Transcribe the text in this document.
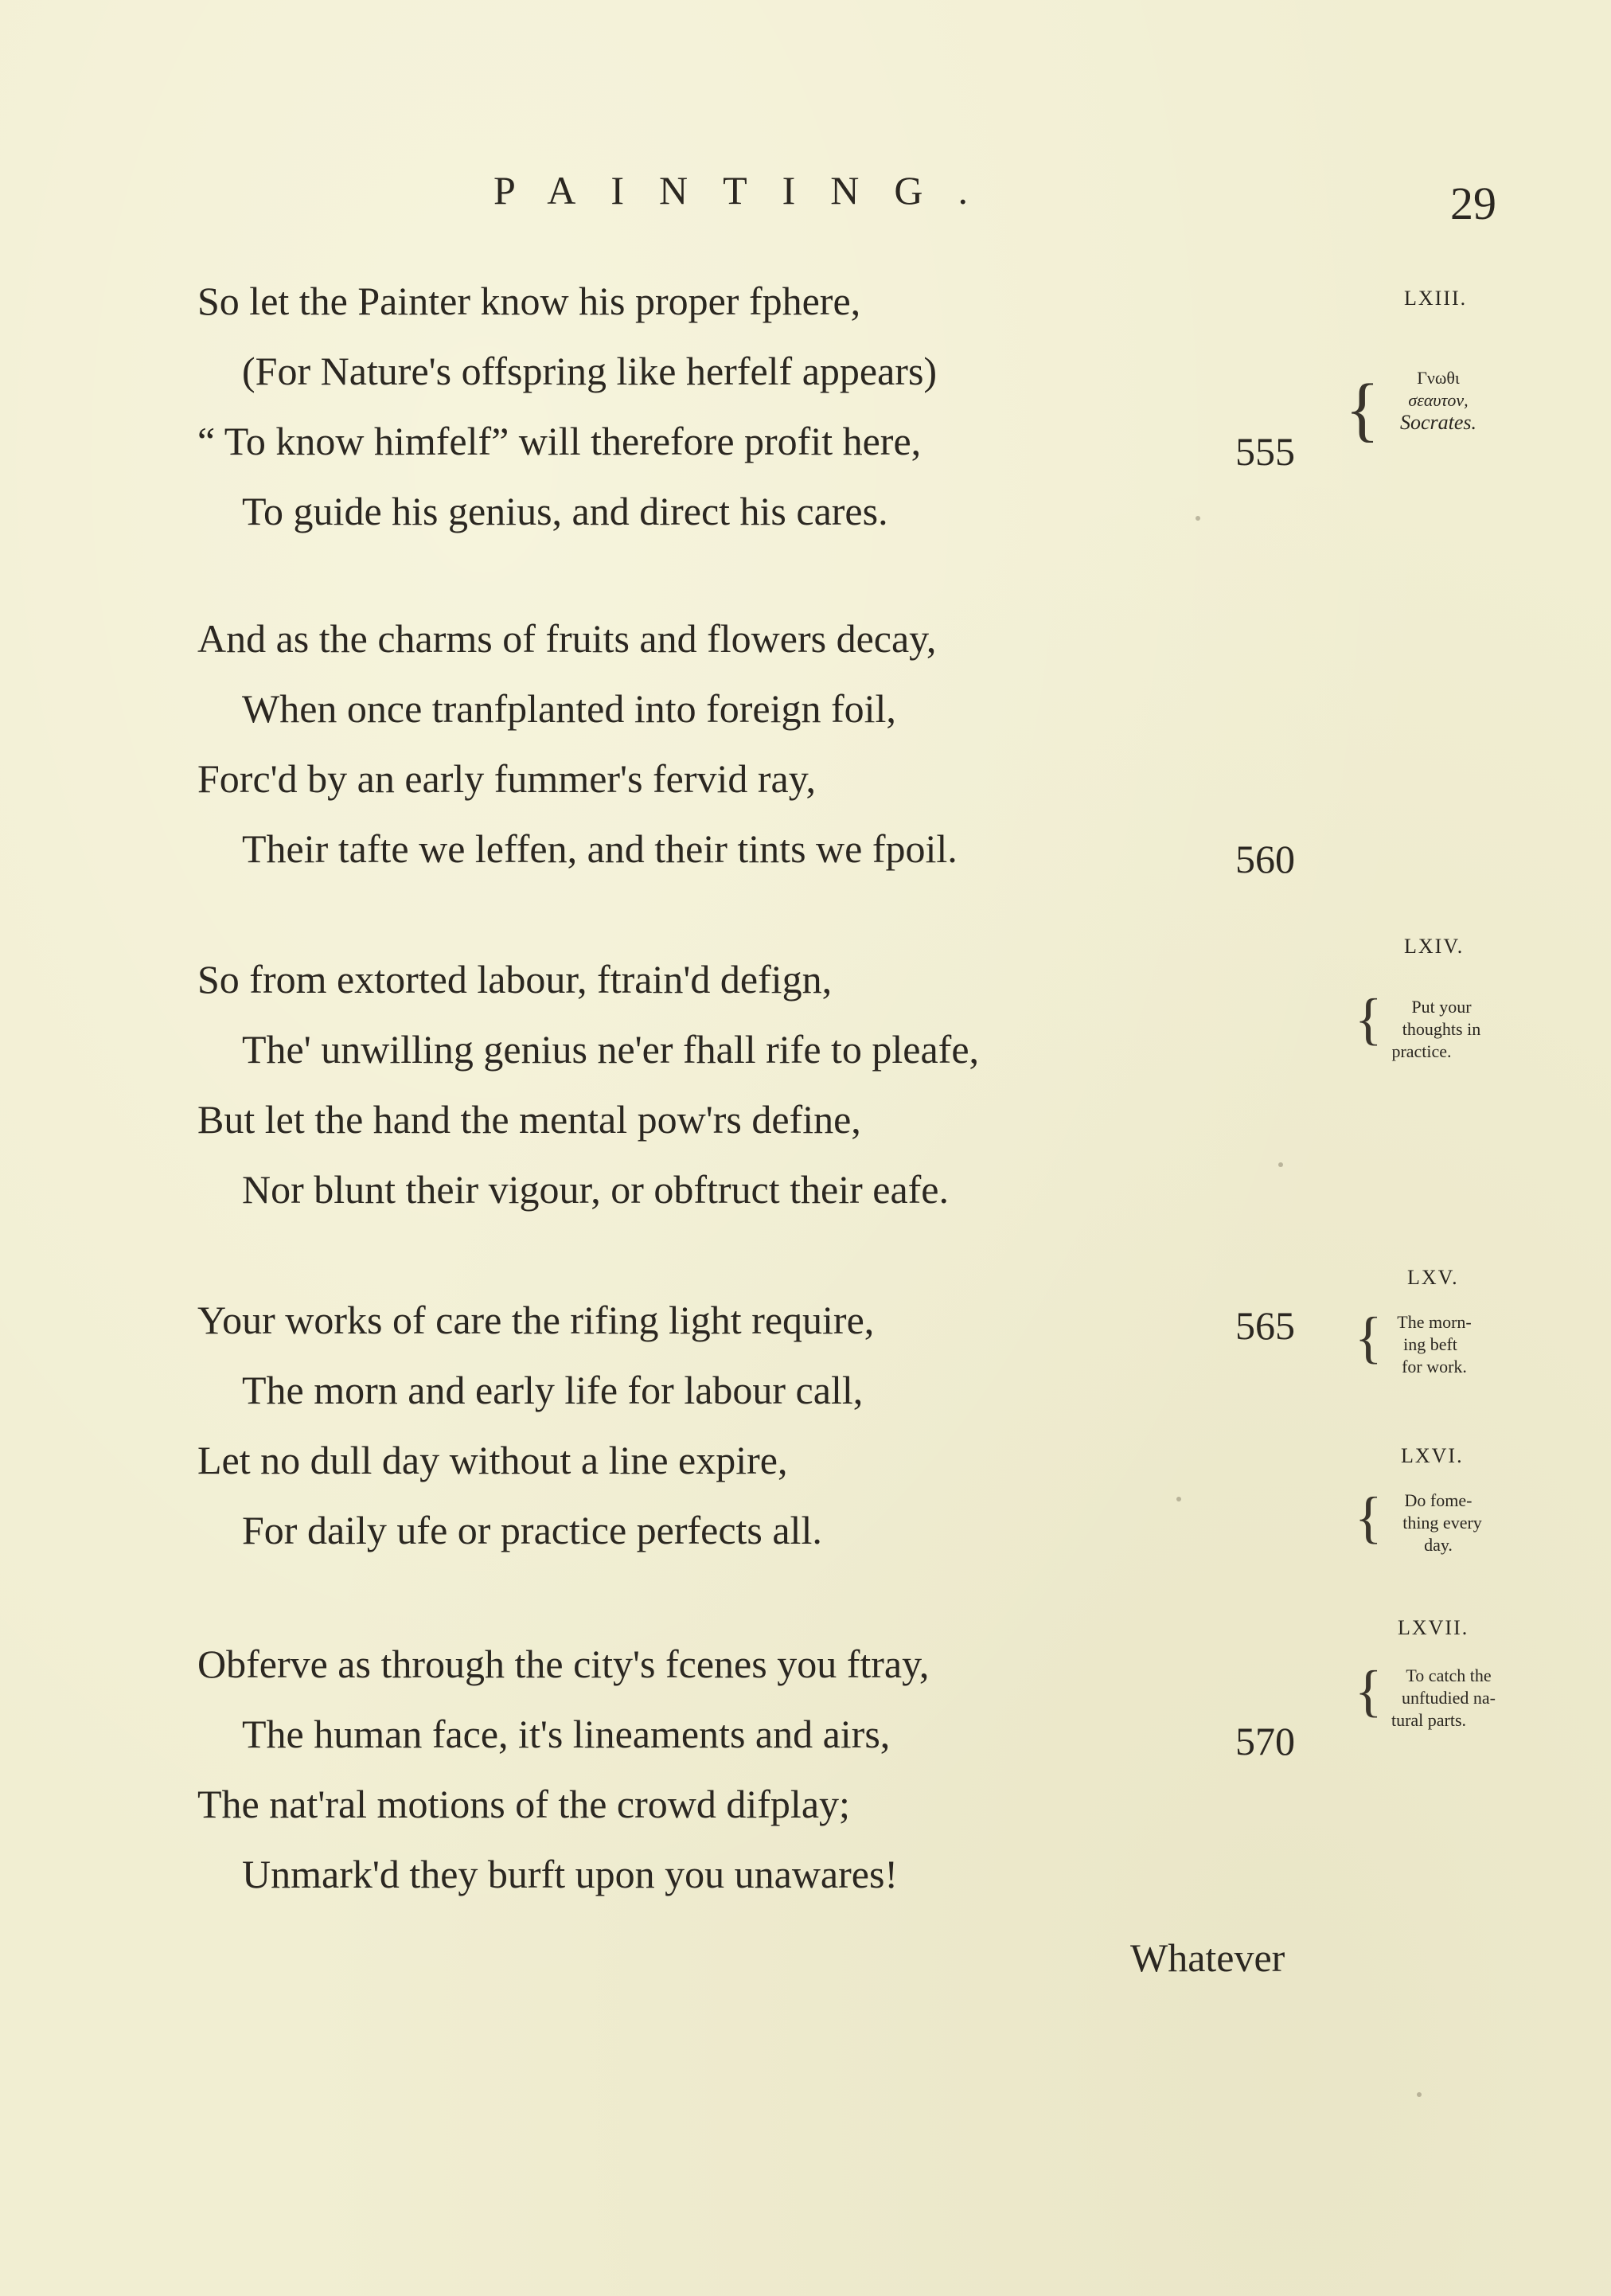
PAINTING.	29
So let the Painter know his proper fphere,
(For Nature's offspring like herfelf appears)
“ To know himfelf” will therefore profit here,
To guide his genius, and direct his cares.
555
And as the charms of fruits and flowers decay,
When once tranfplanted into foreign foil,
Forc'd by an early fummer's fervid ray,
Their tafte we leffen, and their tints we fpoil.	560
So from extorted labour, ftrain'd defign,
The' unwilling genius ne'er fhall rife to pleafe,
But let the hand the mental pow'rs define,
Nor blunt their vigour, or obftruct their eafe.
Your works of care the rifing light require,
The morn and early life for labour call,
Let no dull day without a line expire,
For daily ufe or practice perfects all.
565
Obferve as through the city's fcenes you ftray,
The human face, it's lineaments and airs,
The nat'ral motions of the crowd difplay;
Unmark'd they burft upon you unawares!
570
LXIII.
{	Γνωθι
σεαυτον,
Socrates.
LXIV.
{	Put your
thoughts in
practice.
LXV.
{ The morn-
ing beft
for work.
LXVI.
{	Do fome-
thing every
day.
LXVII.
{	To catch the
unftudied na-
tural parts.
Whatever
